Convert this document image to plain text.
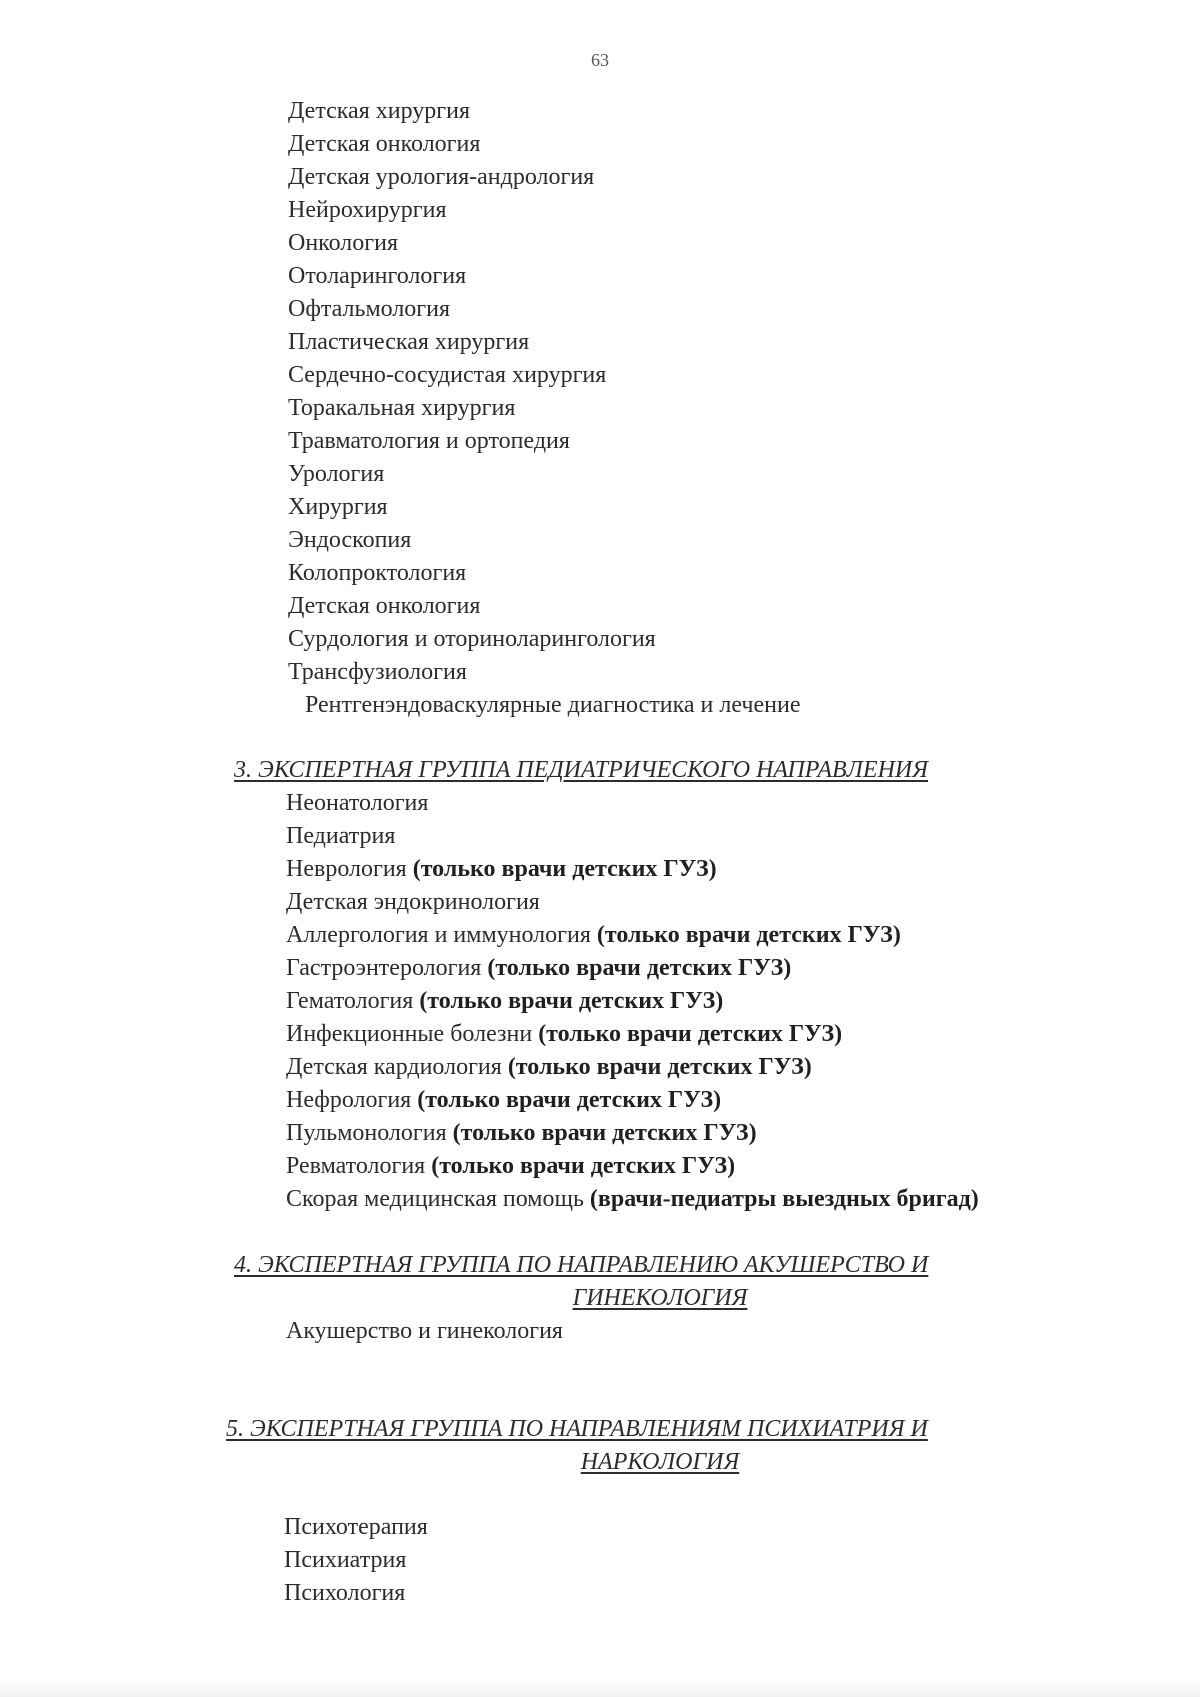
63
Детская хирургия
Детская онкология
Детская урология-андрология
Нейрохирургия
Онкология
Отоларингология
Офтальмология
Пластическая хирургия
Сердечно-сосудистая хирургия
Торакальная хирургия
Травматология и ортопедия
Урология
Хирургия
Эндоскопия
Колопроктология
Детская онкология
Сурдология и оториноларингология
Трансфузиология
Рентгенэндоваскулярные диагностика и лечение
3. ЭКСПЕРТНАЯ ГРУППА ПЕДИАТРИЧЕСКОГО НАПРАВЛЕНИЯ
Неонатология
Педиатрия
Неврология (только врачи детских ГУЗ)
Детская эндокринология
Аллергология и иммунология (только врачи детских ГУЗ)
Гастроэнтерология (только врачи детских ГУЗ)
Гематология (только врачи детских ГУЗ)
Инфекционные болезни (только врачи детских ГУЗ)
Детская кардиология (только врачи детских ГУЗ)
Нефрология (только врачи детских ГУЗ)
Пульмонология (только врачи детских ГУЗ)
Ревматология (только врачи детских ГУЗ)
Скорая медицинская помощь (врачи-педиатры выездных бригад)
4. ЭКСПЕРТНАЯ ГРУППА ПО НАПРАВЛЕНИЮ АКУШЕРСТВО И
ГИНЕКОЛОГИЯ
Акушерство и гинекология
5. ЭКСПЕРТНАЯ ГРУППА ПО НАПРАВЛЕНИЯМ ПСИХИАТРИЯ И
НАРКОЛОГИЯ
Психотерапия
Психиатрия
Психология
